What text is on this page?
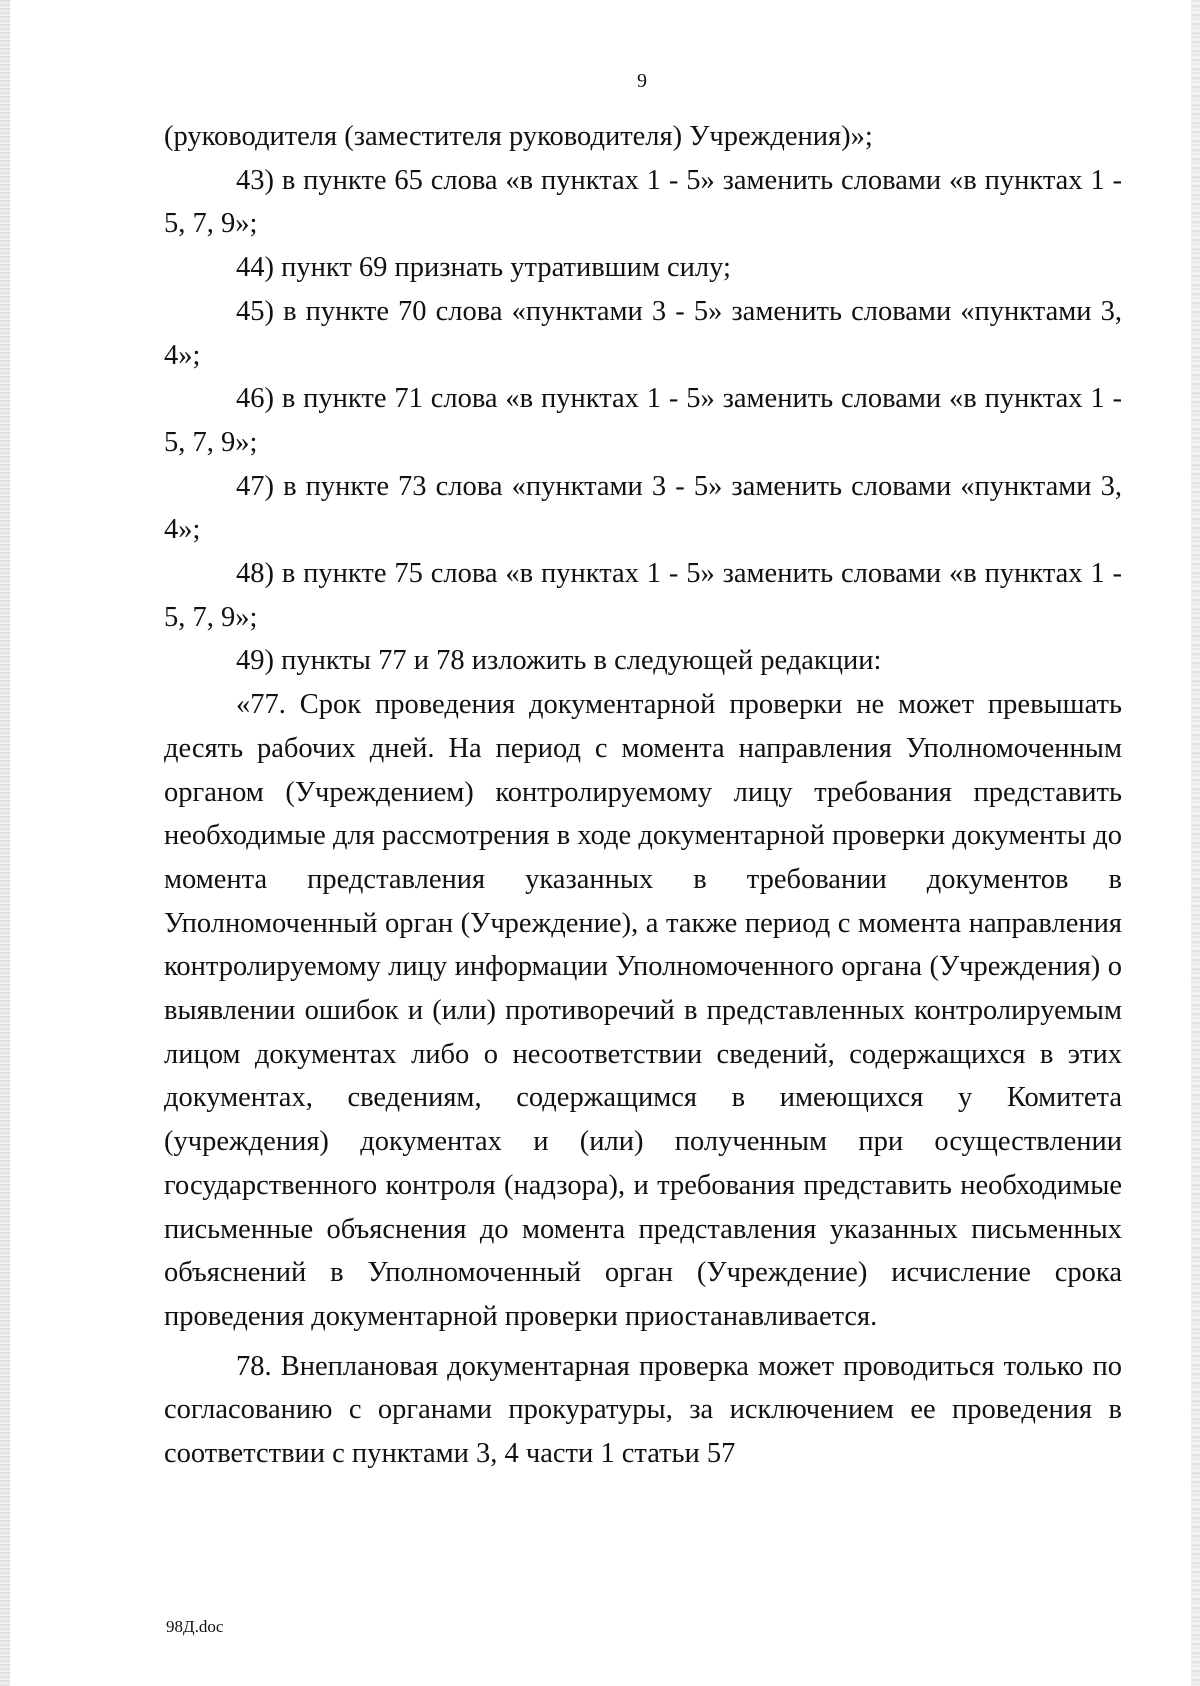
9

(руководителя (заместителя руководителя) Учреждения)»;

43) в пункте 65 слова «в пунктах 1 - 5» заменить словами «в пунктах 1 - 5, 7, 9»;

44) пункт 69 признать утратившим силу;

45) в пункте 70 слова «пунктами 3 - 5» заменить словами «пунктами 3, 4»;

46) в пункте 71 слова «в пунктах 1 - 5» заменить словами «в пунктах 1 - 5, 7, 9»;

47) в пункте 73 слова «пунктами 3 - 5» заменить словами «пунктами 3, 4»;

48) в пункте 75 слова «в пунктах 1 - 5» заменить словами «в пунктах 1 - 5, 7, 9»;

49) пункты 77 и 78 изложить в следующей редакции:

«77. Срок проведения документарной проверки не может превышать десять рабочих дней. На период с момента направления Уполномоченным органом (Учреждением) контролируемому лицу требования представить необходимые для рассмотрения в ходе документарной проверки документы до момента представления указанных в требовании документов в Уполномоченный орган (Учреждение), а также период с момента направления контролируемому лицу информации Уполномоченного органа (Учреждения) о выявлении ошибок и (или) противоречий в представленных контролируемым лицом документах либо о несоответствии сведений, содержащихся в этих документах, сведениям, содержащимся в имеющихся у Комитета (учреждения) документах и (или) полученным при осуществлении государственного контроля (надзора), и требования представить необходимые письменные объяснения до момента представления указанных письменных объяснений в Уполномоченный орган (Учреждение) исчисление срока проведения документарной проверки приостанавливается.

78. Внеплановая документарная проверка может проводиться только по согласованию с органами прокуратуры, за исключением ее проведения в соответствии с пунктами 3, 4 части 1 статьи 57

98Д.doc
